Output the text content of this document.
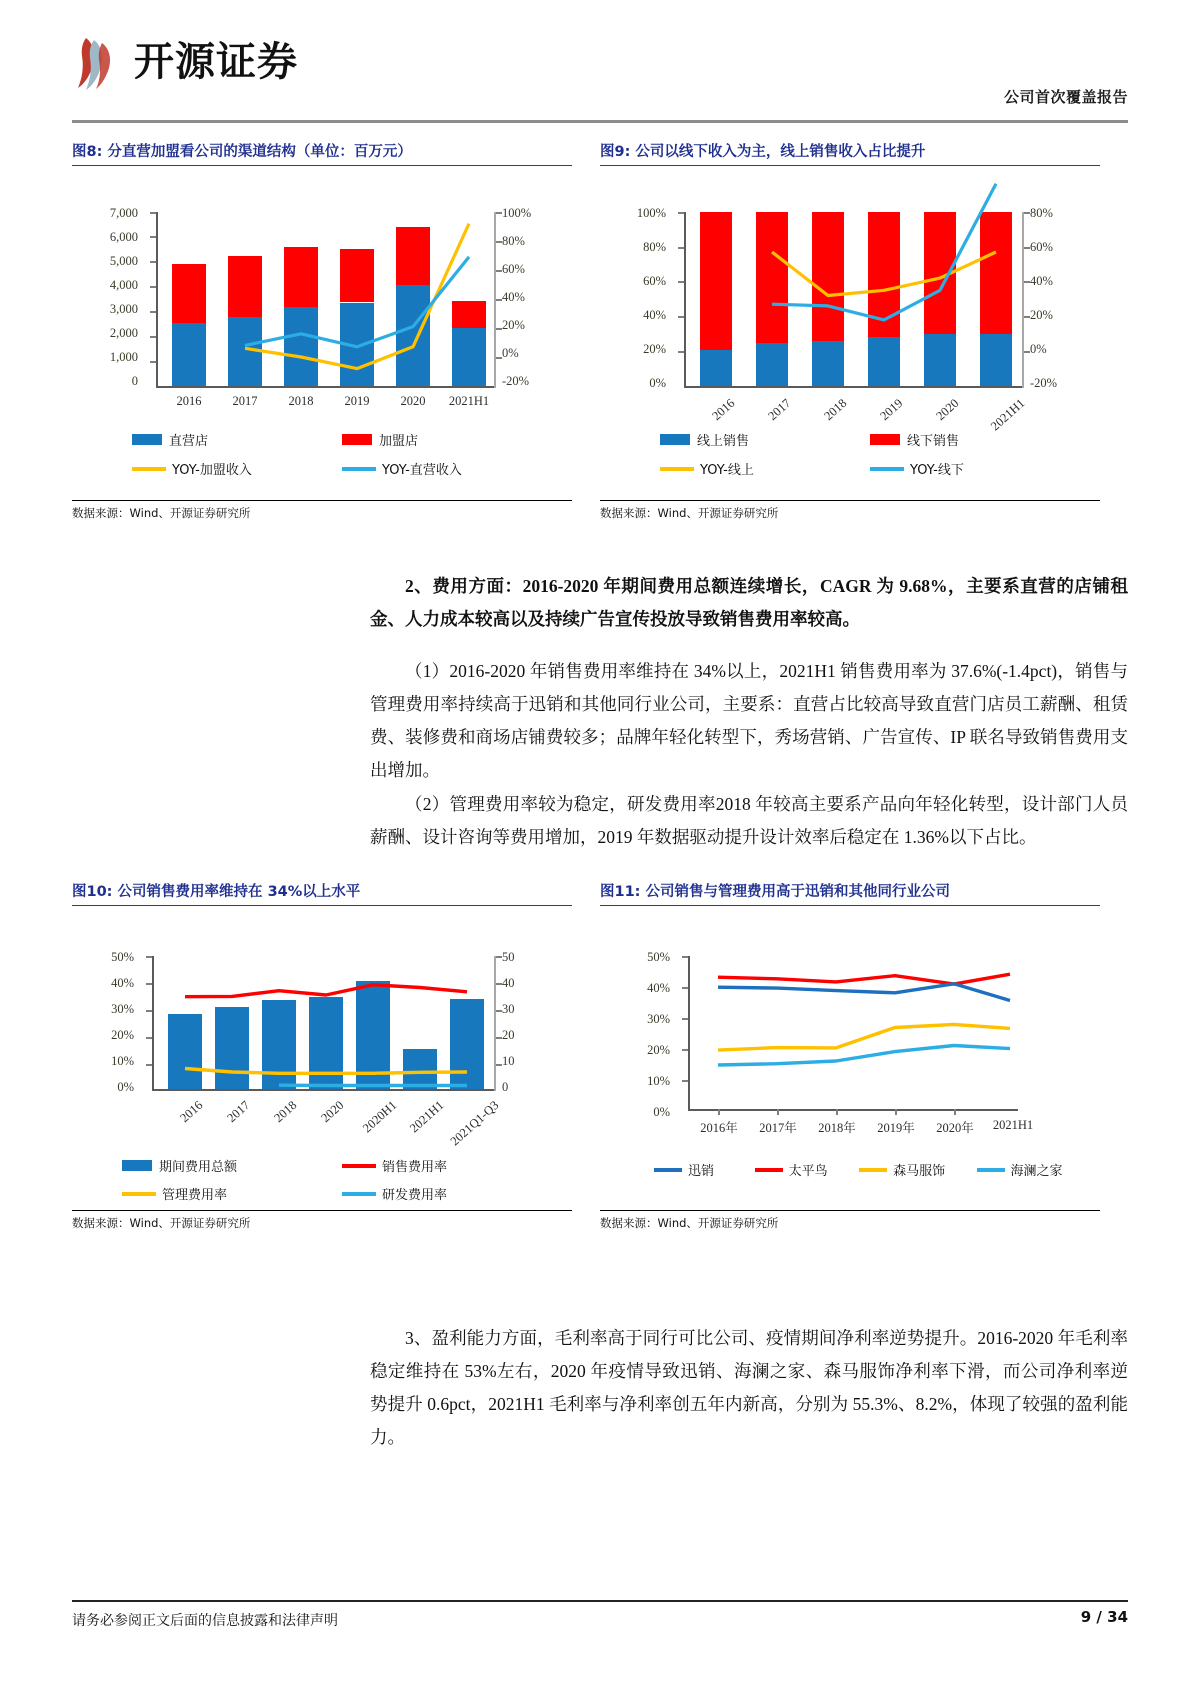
开源证券
公司首次覆盖报告
图8: 分直营加盟看公司的渠道结构（单位：百万元）
7,000
6,000
5,000
4,000
3,000
2,000
1,000
0
100%
80%
60%
40%
20%
0%
-20%
2016	2017	2018	2019	2020	2021H1
直营店	加盟店
YOY-加盟收入	YOY-直营收入
数据来源：Wind、开源证券研究所
图9: 公司以线下收入为主，线上销售收入占比提升
100%
80%
60%
40%
20%
0%
80%
60%
40%
20%
0%
-20%
2016	2017	2018	2019	2020	2021H1
线上销售	线下销售
YOY-线上	YOY-线下
数据来源：Wind、开源证券研究所
2、费用方面：2016-2020 年期间费用总额连续增长，CAGR 为 9.68%，主要系直营的店铺租金、人力成本较高以及持续广告宣传投放导致销售费用率较高。
（1）2016-2020 年销售费用率维持在 34%以上，2021H1 销售费用率为 37.6%(-1.4pct)，销售与管理费用率持续高于迅销和其他同行业公司，主要系：直营占比较高导致直营门店员工薪酬、租赁费、装修费和商场店铺费较多；品牌年轻化转型下，秀场营销、广告宣传、IP 联名导致销售费用支出增加。
（2）管理费用率较为稳定，研发费用率2018 年较高主要系产品向年轻化转型，设计部门人员薪酬、设计咨询等费用增加，2019 年数据驱动提升设计效率后稳定在 1.36%以下占比。
图10: 公司销售费用率维持在 34%以上水平
50%
40%
30%
20%
10%
0%
50
40
30
20
10
0
2016	2017	2018	2020	2020H1 2021H1 2021Q1-Q3
期间费用总额	销售费用率
管理费用率	研发费用率
数据来源：Wind、开源证券研究所
图11: 公司销售与管理费用高于迅销和其他同行业公司
50%
40%
30%
20%
10%
0%
2016年	2017年	2018年	2019年	2020年	2021H1
迅销	太平鸟	森马服饰	海澜之家
数据来源：Wind、开源证券研究所
3、盈利能力方面，毛利率高于同行可比公司、疫情期间净利率逆势提升。2016-2020 年毛利率稳定维持在 53%左右，2020 年疫情导致迅销、海澜之家、森马服饰净利率下滑，而公司净利率逆势提升 0.6pct，2021H1 毛利率与净利率创五年内新高，分别为 55.3%、8.2%，体现了较强的盈利能力。
请务必参阅正文后面的信息披露和法律声明	9 / 34
